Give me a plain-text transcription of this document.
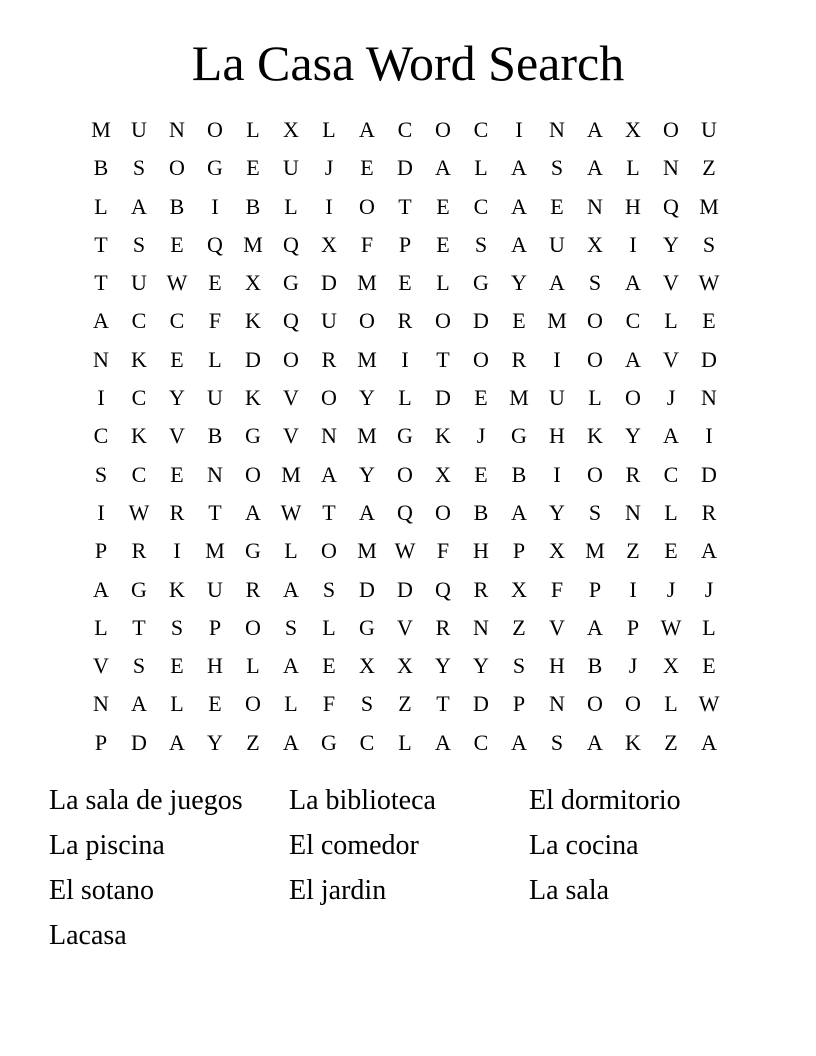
La Casa Word Search
M U	N	O	L	X	L	A	C	O	C	I	N	A	X	O	U
B	S	O	G	E	U	J	E	D	A	L	A	S	A	L	N	Z
L	A	B	I	B	L	I	O	T	E	C	A	E	N	H	Q M
T	S	E	Q M Q	X	F	P	E	S	A	U	X	I	Y	S
T	U W E	X	G	D M E	L	G	Y	A	S	A	V W
A	C	C	F	K	Q	U	O	R	O	D	E M O	C	L	E
N	K	E	L	D	O	R M	I	T	O	R	I	O	A	V	D
I	C	Y	U	K	V	O	Y	L	D	E M U	L	O	J	N
C	K	V	B	G	V	N M G	K	J	G	H	K	Y	A	I
S	C	E	N	O M A	Y	O	X	E	B	I	O	R	C	D
I	W R	T	A W T	A	Q	O	B	A	Y	S	N	L	R
P	R	I	M G	L	O M W F	H	P	X M Z	E	A
A	G	K	U	R	A	S	D	D	Q	R	X	F	P	I	J	J
L	T	S	P	O	S	L	G	V	R	N	Z	V	A	P W L
V	S	E	H	L	A	E	X	X	Y	Y	S	H	B	J	X	E
N	A	L	E	O	L	F	S	Z	T	D	P	N	O	O	L W
P	D	A	Y	Z	A	G	C	L	A	C	A	S	A	K	Z	A
La sala de juegos	La biblioteca	El dormitorio
La piscina	El comedor	La cocina
El sotano	El jardin	La sala
Lacasa
